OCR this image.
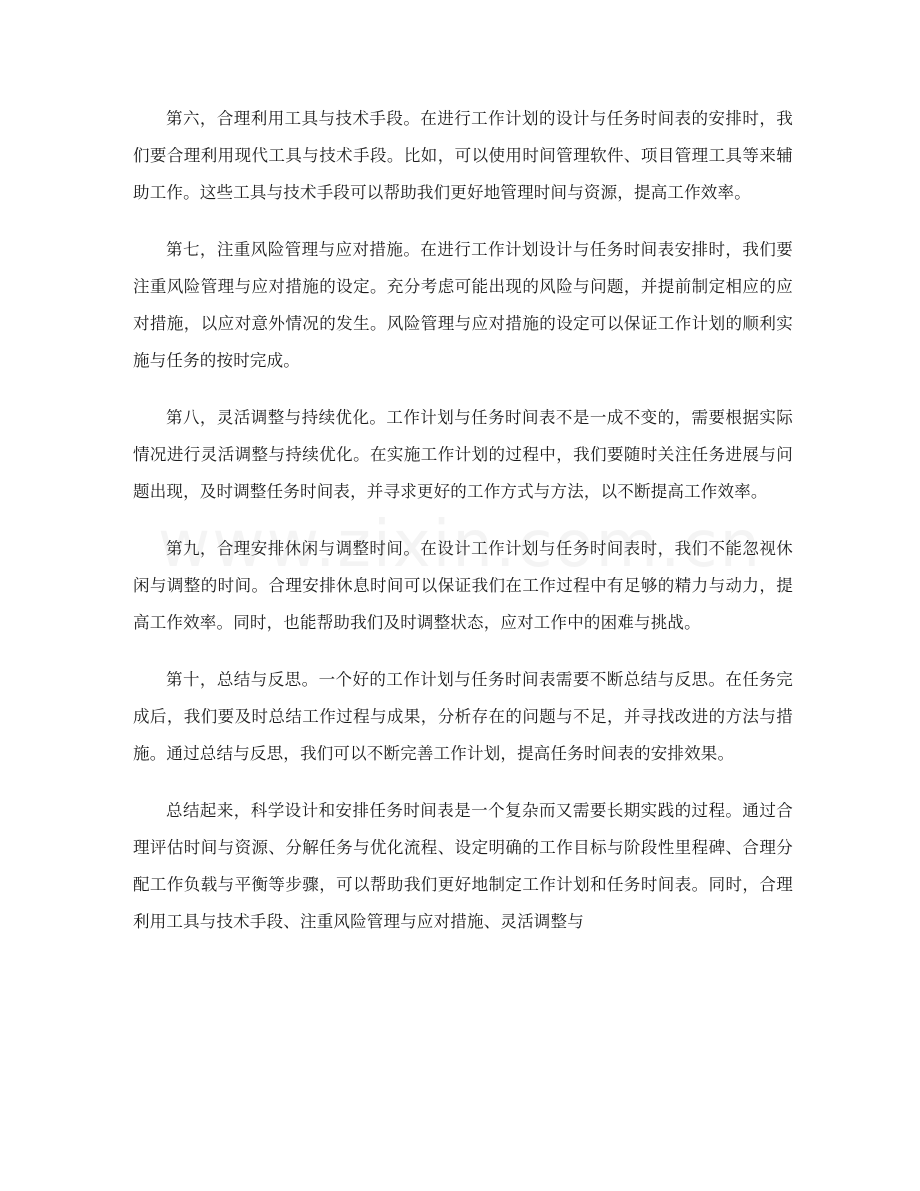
第六，合理利用工具与技术手段。在进行工作计划的设计与任务时间表的安排时，我们要合理利用现代工具与技术手段。比如，可以使用时间管理软件、项目管理工具等来辅助工作。这些工具与技术手段可以帮助我们更好地管理时间与资源，提高工作效率。

第七，注重风险管理与应对措施。在进行工作计划设计与任务时间表安排时，我们要注重风险管理与应对措施的设定。充分考虑可能出现的风险与问题，并提前制定相应的应对措施，以应对意外情况的发生。风险管理与应对措施的设定可以保证工作计划的顺利实施与任务的按时完成。

第八，灵活调整与持续优化。工作计划与任务时间表不是一成不变的，需要根据实际情况进行灵活调整与持续优化。在实施工作计划的过程中，我们要随时关注任务进展与问题出现，及时调整任务时间表，并寻求更好的工作方式与方法，以不断提高工作效率。

第九，合理安排休闲与调整时间。在设计工作计划与任务时间表时，我们不能忽视休闲与调整的时间。合理安排休息时间可以保证我们在工作过程中有足够的精力与动力，提高工作效率。同时，也能帮助我们及时调整状态，应对工作中的困难与挑战。

第十，总结与反思。一个好的工作计划与任务时间表需要不断总结与反思。在任务完成后，我们要及时总结工作过程与成果，分析存在的问题与不足，并寻找改进的方法与措施。通过总结与反思，我们可以不断完善工作计划，提高任务时间表的安排效果。

总结起来，科学设计和安排任务时间表是一个复杂而又需要长期实践的过程。通过合理评估时间与资源、分解任务与优化流程、设定明确的工作目标与阶段性里程碑、合理分配工作负载与平衡等步骤，可以帮助我们更好地制定工作计划和任务时间表。同时，合理利用工具与技术手段、注重风险管理与应对措施、灵活调整与
